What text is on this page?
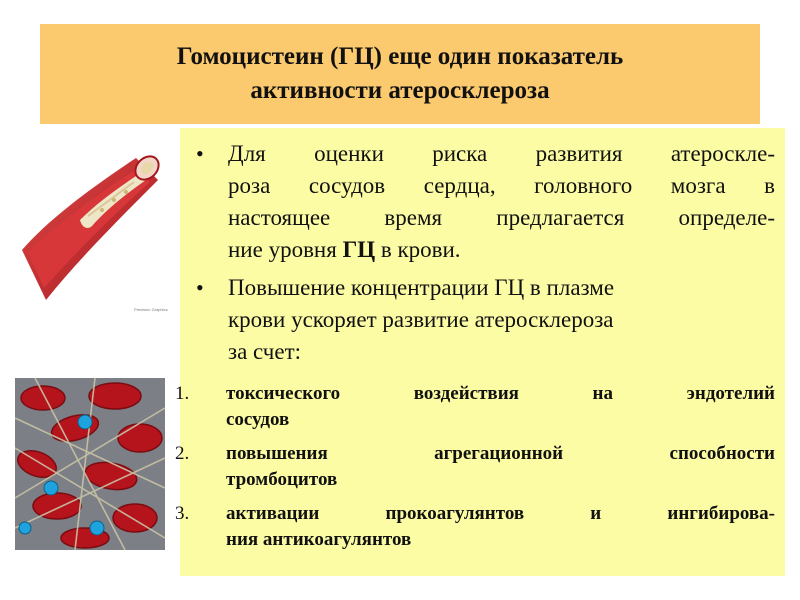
Гомоцистеин (ГЦ) еще один показатель
активности атеросклероза
Precision Graphics
• Для оценки риска развития атероскле-
роза сосудов сердца, головного мозга в
настоящее время предлагается определе-
ние уровня ГЦ в крови.
• Повышение концентрации ГЦ в плазме
крови ускоряет развитие атеросклероза
за счет:
1. токсического воздействия на эндотелий
сосудов
2. повышения агрегационной способности
тромбоцитов
3. активации прокоагулянтов и ингибирова-
ния антикоагулянтов
